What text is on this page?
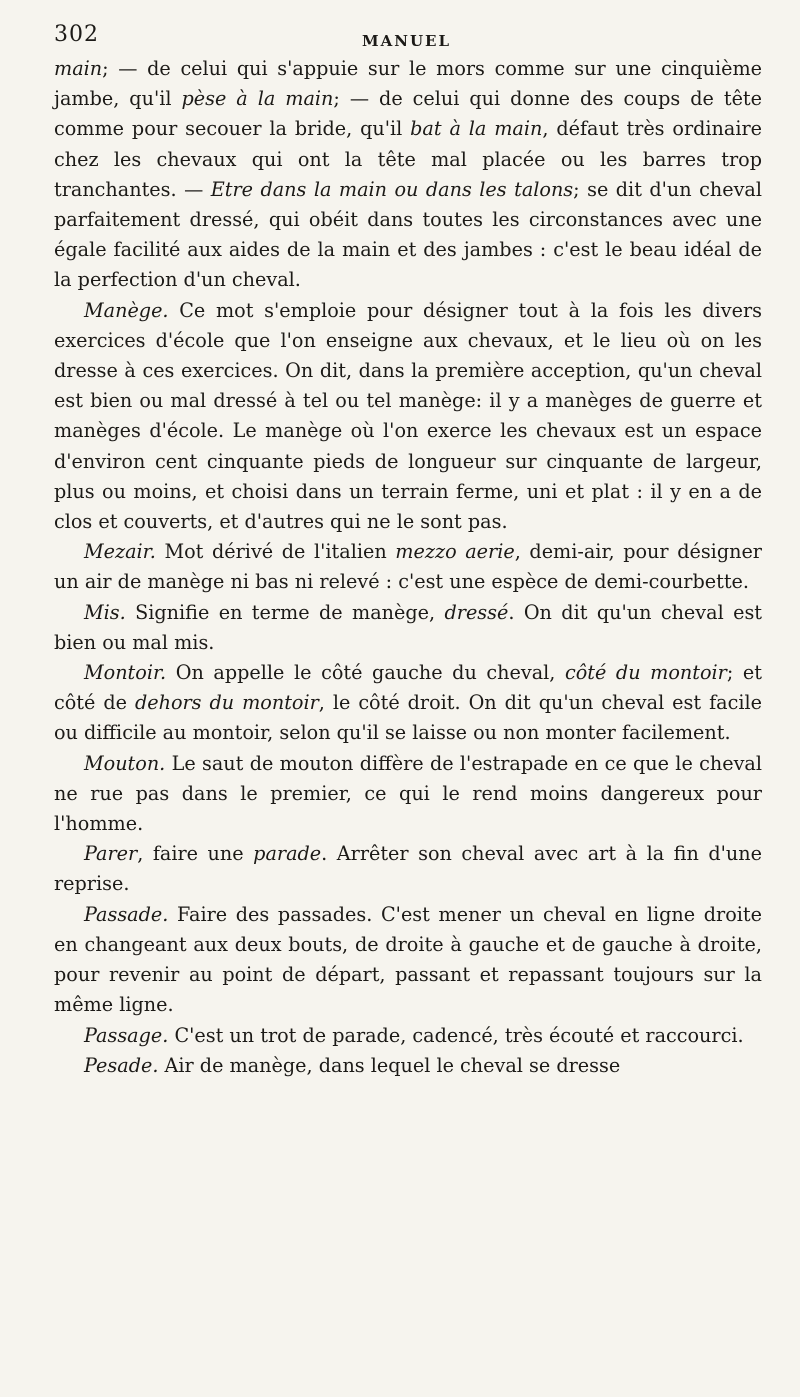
302	MANUEL

main; — de celui qui s'appuie sur le mors comme sur une cinquième jambe, qu'il pèse à la main; — de celui qui donne des coups de tête comme pour secouer la bride, qu'il bat à la main, défaut très ordinaire chez les chevaux qui ont la tête mal placée ou les barres trop tranchantes. — Etre dans la main ou dans les talons; se dit d'un cheval parfaitement dressé, qui obéit dans toutes les circonstances avec une égale facilité aux aides de la main et des jambes : c'est le beau idéal de la perfection d'un cheval.

Manège. Ce mot s'emploie pour désigner tout à la fois les divers exercices d'école que l'on enseigne aux chevaux, et le lieu où on les dresse à ces exercices. On dit, dans la première acception, qu'un cheval est bien ou mal dressé à tel ou tel manège: il y a manèges de guerre et manèges d'école. Le manège où l'on exerce les chevaux est un espace d'environ cent cinquante pieds de longueur sur cinquante de largeur, plus ou moins, et choisi dans un terrain ferme, uni et plat : il y en a de clos et couverts, et d'autres qui ne le sont pas.

Mezair. Mot dérivé de l'italien mezzo aerie, demi-air, pour désigner un air de manège ni bas ni relevé : c'est une espèce de demi-courbette.

Mis. Signifie en terme de manège, dressé. On dit qu'un cheval est bien ou mal mis.

Montoir. On appelle le côté gauche du cheval, côté du montoir; et côté de dehors du montoir, le côté droit. On dit qu'un cheval est facile ou difficile au montoir, selon qu'il se laisse ou non monter facilement.

Mouton. Le saut de mouton diffère de l'estrapade en ce que le cheval ne rue pas dans le premier, ce qui le rend moins dangereux pour l'homme.

Parer, faire une parade. Arrêter son cheval avec art à la fin d'une reprise.

Passade. Faire des passades. C'est mener un cheval en ligne droite en changeant aux deux bouts, de droite à gauche et de gauche à droite, pour revenir au point de départ, passant et repassant toujours sur la même ligne.

Passage. C'est un trot de parade, cadencé, très écouté et raccourci.

Pesade. Air de manège, dans lequel le cheval se dresse
